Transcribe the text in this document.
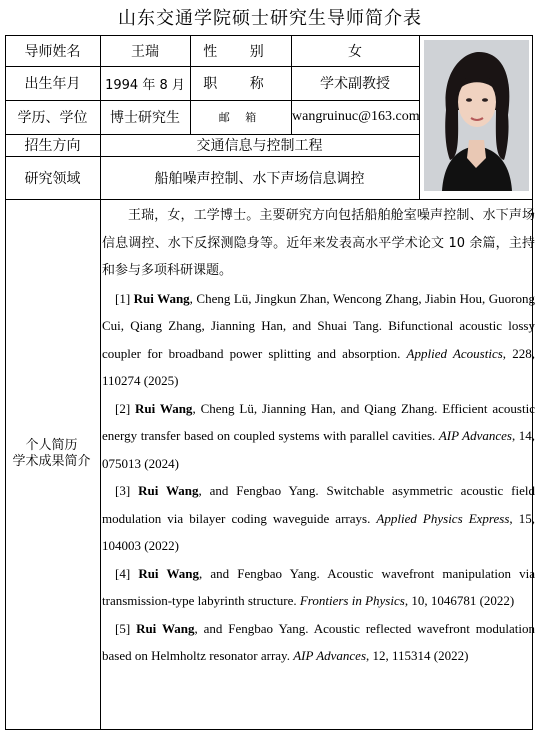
山东交通学院硕士研究生导师简介表
导师姓名	王瑞	性 别	女
出生年月	1994 年 8 月	职 称	学术副教授
学历、学位	博士研究生	邮 箱	wangruinuc@163.com
招生方向	交通信息与控制工程
研究领域	船舶噪声控制、水下声场信息调控
个人简历
学术成果简介

王瑞，女，工学博士。主要研究方向包括船舶舱室噪声控制、水下声场信息调控、水下反探测隐身等。近年来发表高水平学术论文 10 余篇，主持和参与多项科研课题。

[1] Rui Wang, Cheng Lü, Jingkun Zhan, Wencong Zhang, Jiabin Hou, Guorong Cui, Qiang Zhang, Jianning Han, and Shuai Tang. Bifunctional acoustic lossy coupler for broadband power splitting and absorption. Applied Acoustics, 228, 110274 (2025)

[2] Rui Wang, Cheng Lü, Jianning Han, and Qiang Zhang. Efficient acoustic energy transfer based on coupled systems with parallel cavities. AIP Advances, 14, 075013 (2024)

[3] Rui Wang, and Fengbao Yang. Switchable asymmetric acoustic field modulation via bilayer coding waveguide arrays. Applied Physics Express, 15, 104003 (2022)

[4] Rui Wang, and Fengbao Yang. Acoustic wavefront manipulation via transmission-type labyrinth structure. Frontiers in Physics, 10, 1046781 (2022)

[5] Rui Wang, and Fengbao Yang. Acoustic reflected wavefront modulation based on Helmholtz resonator array. AIP Advances, 12, 115314 (2022)
